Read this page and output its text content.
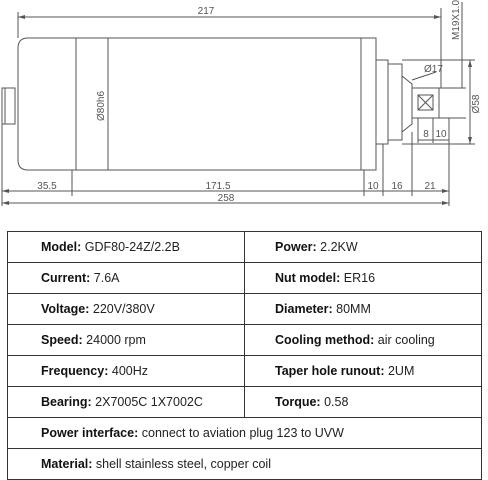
217	M19X1.0
Ø17
Ø80h6	Ø58
8 10
35.5	171.5	10 16 21
258
Model: GDF80-24Z/2.2B	Power: 2.2KW
Current: 7.6A	Nut model: ER16
Voltage: 220V/380V	Diameter: 80MM
Speed: 24000 rpm	Cooling method: air cooling
Frequency: 400Hz	Taper hole runout: 2UM
Bearing: 2X7005C 1X7002C	Torque: 0.58
Power interface: connect to aviation plug 123 to UVW	
Material: shell stainless steel, copper coil	
